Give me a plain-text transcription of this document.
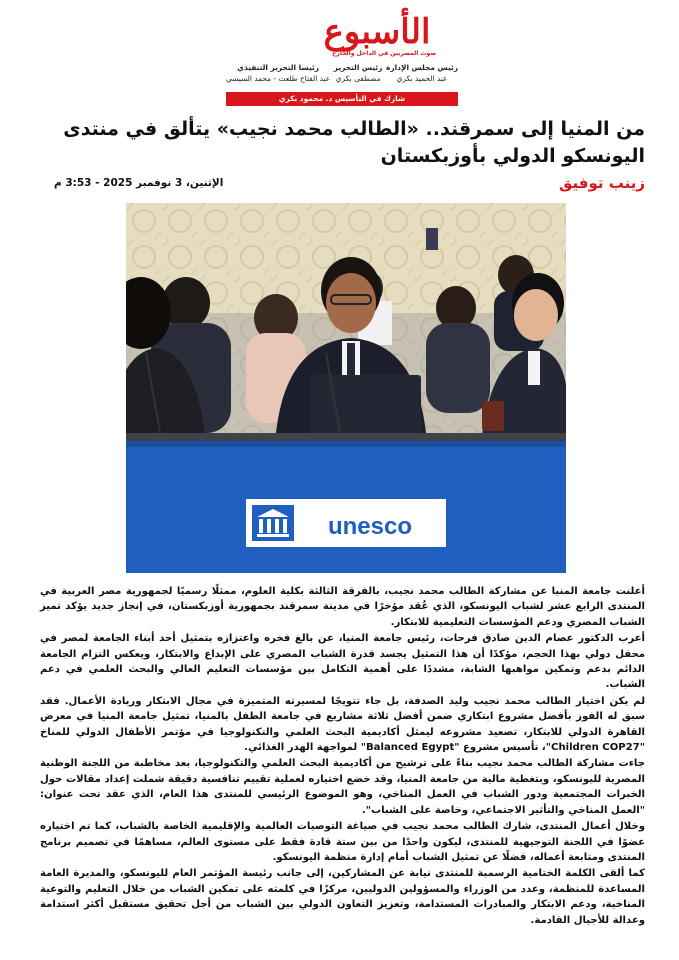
الأسبوع
صوت المصريين في الداخل والخارج
رئيس مجلس الإدارة
عبد الحميد بكري
رئيس التحرير
مصطفى بكري
رئيسا التحرير التنفيذي
عبد الفتاح طلعت - محمد السيسي
شارك في التأسيس د. محمود بكري
من المنيا إلى سمرقند.. «الطالب محمد نجيب» يتألق في منتدى اليونسكو الدولي بأوزبكستان
زينب توفيق
الإثنين، 3 نوفمبر 2025 - 3:53 م
unesco

أعلنت جامعة المنيا عن مشاركة الطالب محمد نجيب، بالفرقة الثالثة بكلية العلوم، ممثلًا رسميًا لجمهورية مصر العربية في المنتدى الرابع عشر لشباب اليونسكو، الذي عُقد مؤخرًا في مدينة سمرقند بجمهورية أوزبكستان، في إنجاز جديد يؤكد تميز الشباب المصري ودعم المؤسسات التعليمية للابتكار.

أعرب الدكتور عصام الدين صادق فرحات، رئيس جامعة المنيا، عن بالغ فخره واعتزازه بتمثيل أحد أبناء الجامعة لمصر في محفل دولي بهذا الحجم، مؤكدًا أن هذا التمثيل يجسد قدرة الشباب المصري على الإبداع والابتكار، ويعكس التزام الجامعة الدائم بدعم وتمكين مواهبها الشابة، مشددًا على أهمية التكامل بين مؤسسات التعليم العالي والبحث العلمي في دعم الشباب.

لم يكن اختيار الطالب محمد نجيب وليد الصدفة، بل جاء تتويجًا لمسيرته المتميزة في مجال الابتكار وريادة الأعمال. فقد سبق له الفوز بأفضل مشروع ابتكاري ضمن أفضل ثلاثة مشاريع في جامعة الطفل بالمنيا، تمثيل جامعة المنيا في معرض القاهرة الدولي للابتكار، تصعيد مشروعه ليمثل أكاديمية البحث العلمي والتكنولوجيا في مؤتمر الأطفال الدولي للمناخ "Children COP27"، تأسيس مشروع "Balanced Egypt" لمواجهة الهدر الغذائي.

جاءت مشاركة الطالب محمد نجيب بناءً على ترشيح من أكاديمية البحث العلمي والتكنولوجيا، بعد مخاطبة من اللجنة الوطنية المصرية لليونسكو، وبتغطية مالية من جامعة المنيا، وقد خضع اختياره لعملية تقييم تنافسية دقيقة شملت إعداد مقالات حول الخبرات المجتمعية ودور الشباب في العمل المناخي، وهو الموضوع الرئيسي للمنتدى هذا العام، الذي عقد تحت عنوان: "العمل المناخي والتأثير الاجتماعي، وخاصة على الشباب".

وخلال أعمال المنتدى، شارك الطالب محمد نجيب في صياغة التوصيات العالمية والإقليمية الخاصة بالشباب، كما تم اختياره عضوًا في اللجنة التوجيهية للمنتدى، ليكون واحدًا من بين ستة قادة فقط على مستوى العالم، مساهمًا في تصميم برنامج المنتدى ومتابعة أعماله، فضلًا عن تمثيل الشباب أمام إدارة منظمة اليونسكو.

كما ألقى الكلمة الختامية الرسمية للمنتدى نيابة عن المشاركين، إلى جانب رئيسة المؤتمر العام لليونسكو، والمديرة العامة المساعدة للمنظمة، وعدد من الوزراء والمسؤولين الدوليين، مركزًا في كلمته على تمكين الشباب من خلال التعليم والتوعية المناخية، ودعم الابتكار والمبادرات المستدامة، وتعزيز التعاون الدولي بين الشباب من أجل تحقيق مستقبل أكثر استدامة وعدالة للأجيال القادمة.
